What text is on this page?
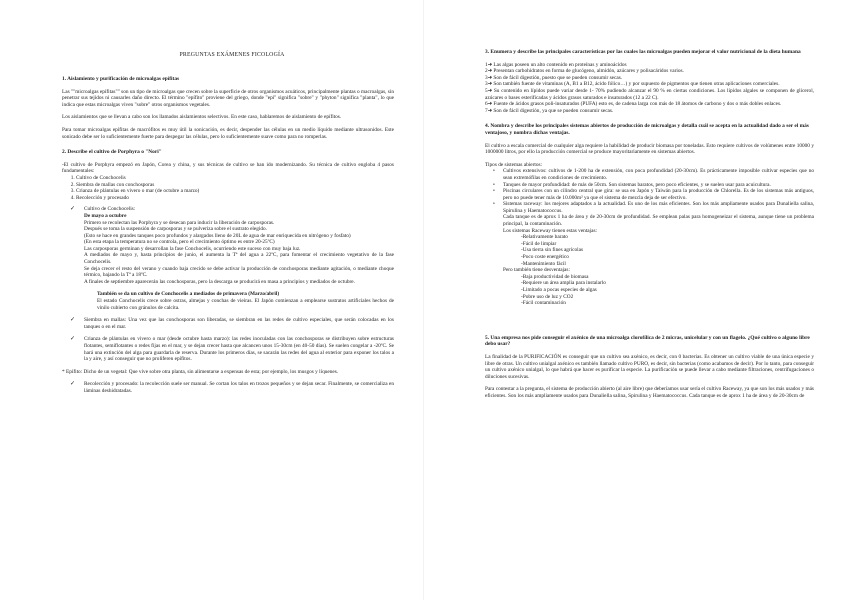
PREGUNTAS EXÁMENES FICOLOGÍA

1. Aislamiento y purificación de microalgas epífitas

Las ""microalgas epífitas"" son un tipo de microalgas que crecen sobre la superficie de otros organismos acuáticos, principalmente plantas o macroalgas, sin penetrar sus tejidos ni causarles daño directo. El término "epífito" proviene del griego, donde "epi" significa "sobre" y "phyton" significa "planta", lo que indica que estas microalgas viven "sobre" otros organismos vegetales.

Los aislamientos que se llevan a cabo son los llamados aislamientos selectivos. En este caso, hablaremos de aislamiento de epífitos.

Para tomar microalgas epífitas de macrófitos es muy útil la sonicación, es decir, despender las células en un medio líquido mediante ultrasonidos. Este sonicado debe ser lo suficientemente fuerte para despegar las células, pero lo suficientemente suave como para no romperlas.

2. Describe el cultivo de Porphyra o "Nori"

-El cultivo de Porphyra empezó en Japón, Corea y china, y sus técnicas de cultivo se han ido modernizando. Su técnica de cultivo engloba 4 pasos fundamentales:

1. Cultivo de Conchocelis
2. Siembra de mallas con conchosporas
3. Crianza de plántulas en vivero o mar (de octubre a marzo)
4. Recolección y procesado
✓ Cultivo de Conchocelis:

De mayo a octubre

Primero se recolectan las Porphyra y se desecan para inducir la liberación de carposporas.

Después se toma la suspensión de carposporas y se pulveriza sobre el sustrato elegido.

(Esto se hace en grandes tanques poco profundos y alargados lleno de 20L de agua de mar enriquecida en nitrógeno y fosfato)

(En esta etapa la temperatura no se controla, pero el crecimiento óptimo es entre 20-25ºC)

Las carposporas germinan y desarrollan la fase Conchocelis, ocurriendo este suceso con muy baja luz.

A mediados de mayo y, hasta principios de junio, el aumenta la Tª del agua a 22ºC, para fomentar el crecimiento vegetativo de la fase Conchocelis.

Se deja crecer el resto del verano y cuando baja crecido se debe activar la producción de conchosporas mediante agitación, o mediante choque térmico, bajando la Tª a 18ºC.

A finales de septiembre aparecerán las conchosporas, pero la descarga se producirá en masa a principios y mediados de octubre.

También se da un cultivo de Conchocelis a mediados de primavera (Marzo/abril)

El estado Conchocelis crece sobre ostras, almejas y conchas de vieiras. El Japón comienzan a emplearse sustratos artificiales hechos de vinilo cubierto con gránulos de calcita.

✓ Siembra en mallas: Una vez que las conchosporas son liberadas, se siembran en las redes de cultivo especiales, que serán colocadas en los tanques o en el mar.

✓ Crianza de plántulas en vivero o mar (desde octubre hasta marzo): las redes inoculadas con las conchosporas se distribuyen sobre estructuras flotantes, semiflotantes o redes fijas en el mar, y se dejan crecer hasta que alcancen unos 15-30cm (en 40-50 días). Se suelen congelar a -20ºC. Se hará una extinción del alga para guardarla de reserva. Durante los primeros días, se sacarán las redes del agua al exterior para exponer los talos a la y aire, y así conseguir que no proliferen epífitos.

* Epífito: Dicho de un vegetal: Que vive sobre otra planta, sin alimentarse a expensas de esta; por ejemplo, los musgos y líquenes.

✓ Recolección y procesado: la recolección suele ser manual. Se cortan los talos en trozos pequeños y se dejan secar. Finalmente, se comercializa en láminas deshidratadas.

3. Enumera y describe las principales características por las cuales las microalgas pueden mejorar el valor nutricional de la dieta humana

1➜ Las algas poseen un alto contenido en proteínas y aminoácidos

2➜ Presentan carbohidratos en forma de glucógeno, almidón, azúcares y polisacáridos varios.

3➜ Son de fácil digestión, puesto que se pueden consumir secas.

3➜ Son también fuente de vitaminas (A, B1 a B12, ácido fólico…) y por supuesto de pigmentos que tienen otras aplicaciones comerciales.

5➜ Su contenido en lípidos puede variar desde 1- 70% pudiendo alcanzar el 90 % en ciertas condiciones. Los lípidos algales se componen de glicerol, azúcares o bases esterificadas y ácidos grasos saturados e insaturados (12 a 22 C).

6➜ Fuente de ácidos grasos poli-insaturados (PUFA) esto es, de cadena larga con más de 18 átomos de carbono y dos o más dobles enlaces.

7➜ Son de fácil digestión, ya que se pueden consumir secas.

4. Nombra y describe los principales sistemas abiertos de producción de microalgas y detalla cuál se acepta en la actualidad dado a ser el más ventajoso, y nombra dichas ventajas.

El cultivo a escala comercial de cualquier alga requiere la habilidad de producir biomasa por toneladas. Esto requiere cultivos de volúmenes entre 10000 y 1000000 litros, por ello la producción comercial se produce mayoritariamente en sistemas abiertos.

Tipos de sistemas abiertos:

• Cultivos extensivos: cultivos de 1-200 ha de extensión, con poca profundidad (20-30cm). Es prácticamente imposible cultivar especies que no sean extremófilas en condiciones de crecimiento.

• Tanques de mayor profundidad: de más de 50cm. Son sistemas baratos, pero poco eficientes, y se suelen usar para acuicultura.

• Piscinas circulares con un cilindro central que gira: se usa en Japón y Taiwán para la producción de Chlorella. Es de los sistemas más antiguos, pero no puede tener más de 10.000m² ya que el sistema de mezcla deja de ser efectivo.

• Sistemas raceway: los mejores adaptados a la actualidad. Es uno de los más eficientes. Son los más ampliamente usados para Dunaliella salina, Spirulina y Haematococcus.

Cada tanque es de aprox 1 ha de área y de 20-30cm de profundidad. Se emplean palas para homogeneizar el sistema, aunque tiene un problema principal, la contaminación.

Los sistemas Raceway tienen estas ventajas:

-Relativamente barato

-Fácil de limpiar

-Usa tierra sin fines agrícolas

-Poco coste energético

-Mantenimiento fácil

Pero también tiene desventajas:

-Baja productividad de biomasa

-Requiere un área amplia para instalarlo

-Limitado a pocas especies de algas

-Pobre uso de luz y CO2

-Fácil contaminación

5. Una empresa nos pide conseguir el axénico de una microalga clorofílica de 2 micras, unicelular y con un flagelo. ¿Qué cultivo o alguno libre debo usar?

La finalidad de la PURIFICACIÓN es conseguir que un cultivo sea axénico, es decir, con 0 bacterias. Es obtener un cultivo viable de una única especie y libre de otras. Un cultivo unialgal axénico es también llamado cultivo PURO, es decir, sin bacterias (como acabamos de decir). Por lo tanto, para conseguir un cultivo axénico unialgal, lo que habrá que hacer es purificar la especie. La purificación se puede llevar a cabo mediante filtraciones, centrifugaciones o diluciones sucesivas.

Para contestar a la pregunta, el sistema de producción abierto (al aire libre) que deberíamos usar sería el cultivo Raceway, ya que son los más usados y más eficientes. Son los más ampliamente usados para Dunaliella salina, Spirulina y Haematococcus. Cada tanque es de aprox 1 ha de área y de 20-30cm de
